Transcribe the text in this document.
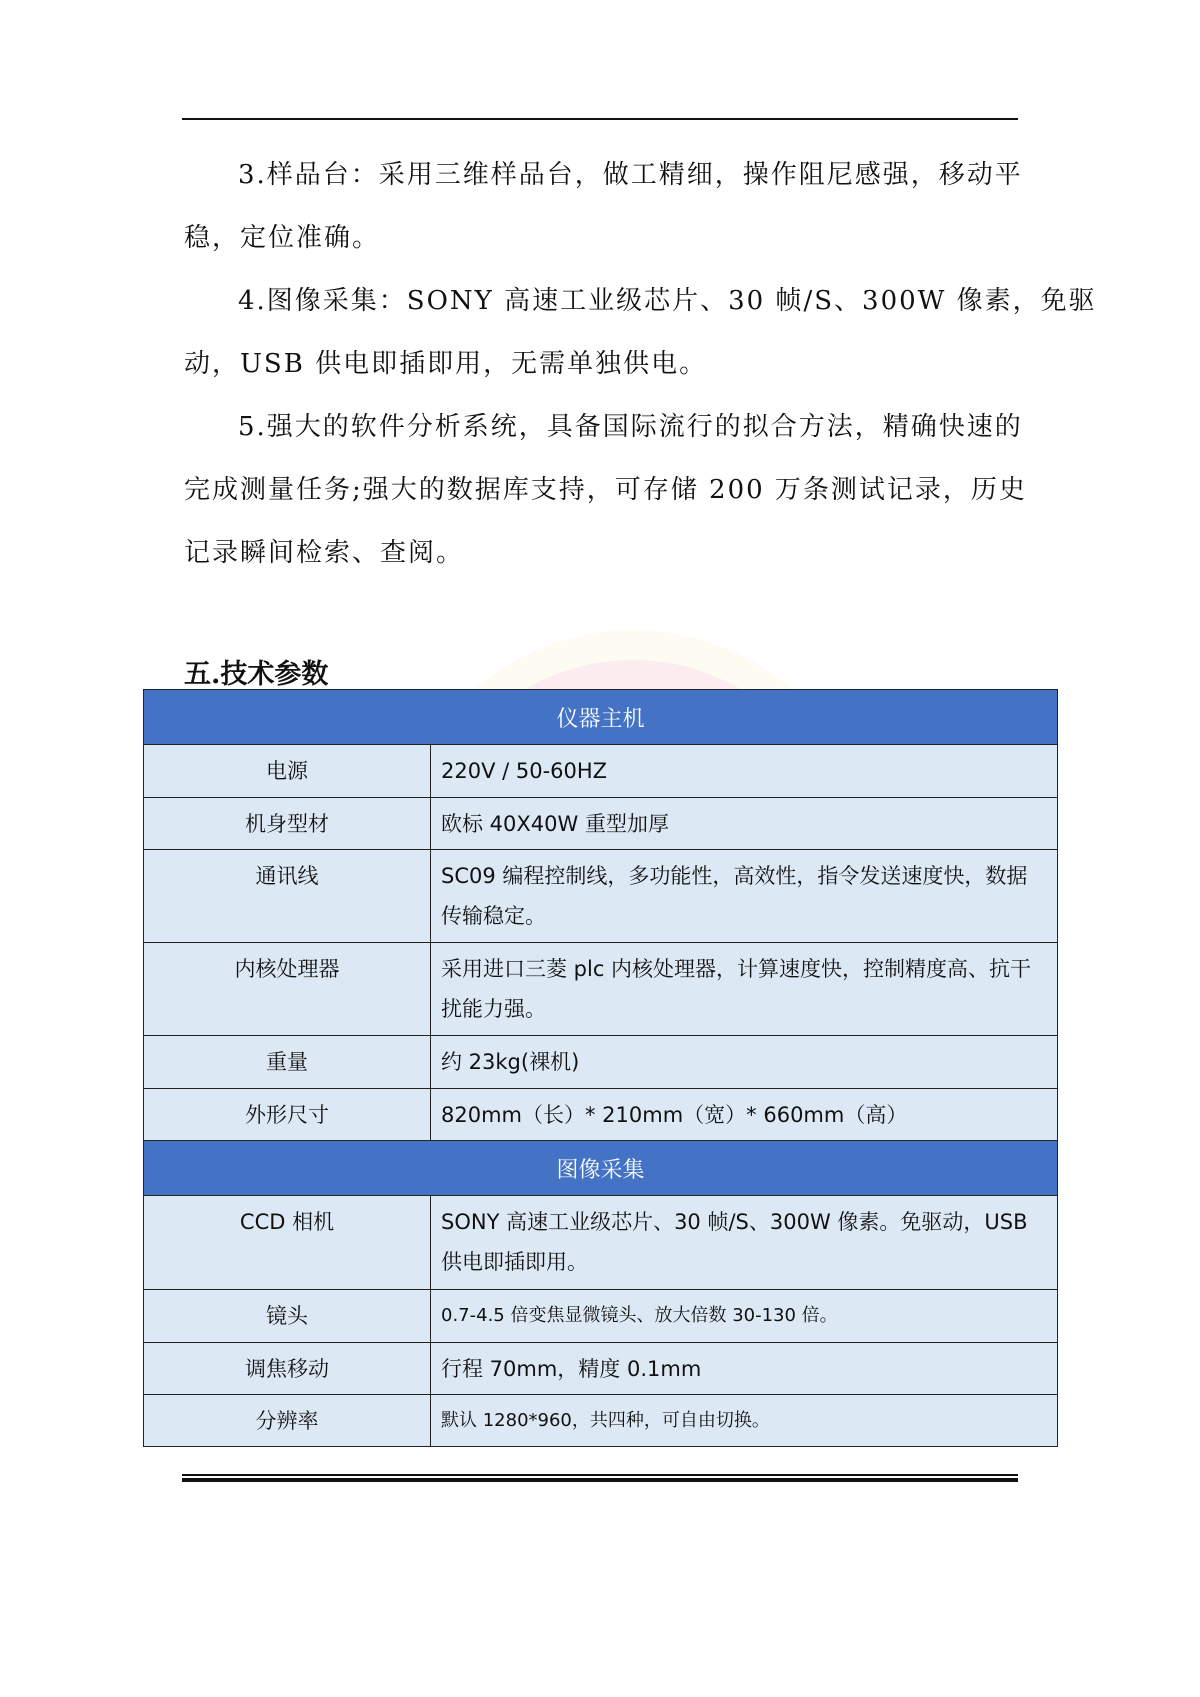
3.样品台：采用三维样品台，做工精细，操作阻尼感强，移动平
稳，定位准确。
4.图像采集：SONY 高速工业级芯片、30 帧/S、300W 像素，免驱
动，USB 供电即插即用，无需单独供电。
5.强大的软件分析系统，具备国际流行的拟合方法，精确快速的
完成测量任务;强大的数据库支持，可存储 200 万条测试记录，历史
记录瞬间检索、查阅。
五.技术参数
仪器主机	
电源	220V / 50-60HZ
机身型材	欧标 40X40W 重型加厚
通讯线	SC09 编程控制线，多功能性，高效性，指令发送速度快，数据传输稳定。
内核处理器	采用进口三菱 plc 内核处理器，计算速度快，控制精度高、抗干扰能力强。
重量	约 23kg(裸机)
外形尺寸	820mm（长）* 210mm（宽）* 660mm（高）
图像采集	
CCD 相机	SONY 高速工业级芯片、30 帧/S、300W 像素。免驱动，USB 供电即插即用。
镜头	0.7-4.5 倍变焦显微镜头、放大倍数 30-130 倍。
调焦移动	行程 70mm，精度 0.1mm
分辨率	默认 1280*960，共四种，可自由切换。
